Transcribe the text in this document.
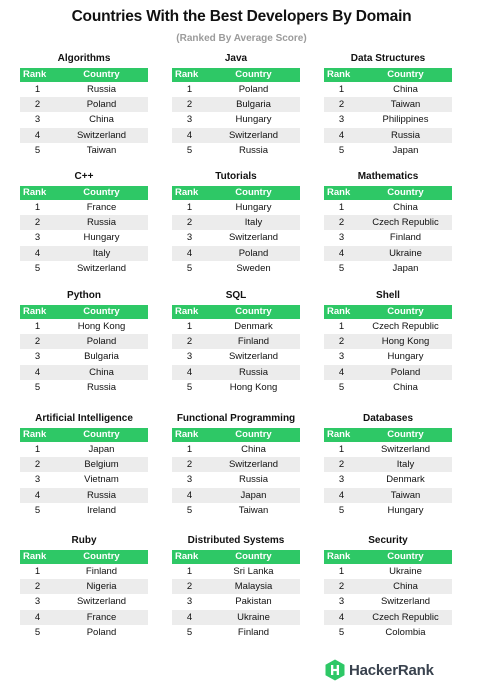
Countries With the Best Developers By Domain
(Ranked By Average Score)
Algorithms
Rank	Country
1	Russia
2	Poland
3	China
4	Switzerland
5	Taiwan
Java
Rank	Country
1	Poland
2	Bulgaria
3	Hungary
4	Switzerland
5	Russia
Data Structures
Rank	Country
1	China
2	Taiwan
3	Philippines
4	Russia
5	Japan
C++
Rank	Country
1	France
2	Russia
3	Hungary
4	Italy
5	Switzerland
Tutorials
Rank	Country
1	Hungary
2	Italy
3	Switzerland
4	Poland
5	Sweden
Mathematics
Rank	Country
1	China
2	Czech Republic
3	Finland
4	Ukraine
5	Japan
Python
Rank	Country
1	Hong Kong
2	Poland
3	Bulgaria
4	China
5	Russia
SQL
Rank	Country
1	Denmark
2	Finland
3	Switzerland
4	Russia
5	Hong Kong
Shell
Rank	Country
1	Czech Republic
2	Hong Kong
3	Hungary
4	Poland
5	China
Artificial Intelligence
Rank	Country
1	Japan
2	Belgium
3	Vietnam
4	Russia
5	Ireland
Functional Programming
Rank	Country
1	China
2	Switzerland
3	Russia
4	Japan
5	Taiwan
Databases
Rank	Country
1	Switzerland
2	Italy
3	Denmark
4	Taiwan
5	Hungary
Ruby
Rank	Country
1	Finland
2	Nigeria
3	Switzerland
4	France
5	Poland
Distributed Systems
Rank	Country
1	Sri Lanka
2	Malaysia
3	Pakistan
4	Ukraine
5	Finland
Security
Rank	Country
1	Ukraine
2	China
3	Switzerland
4	Czech Republic
5	Colombia
HackerRank
